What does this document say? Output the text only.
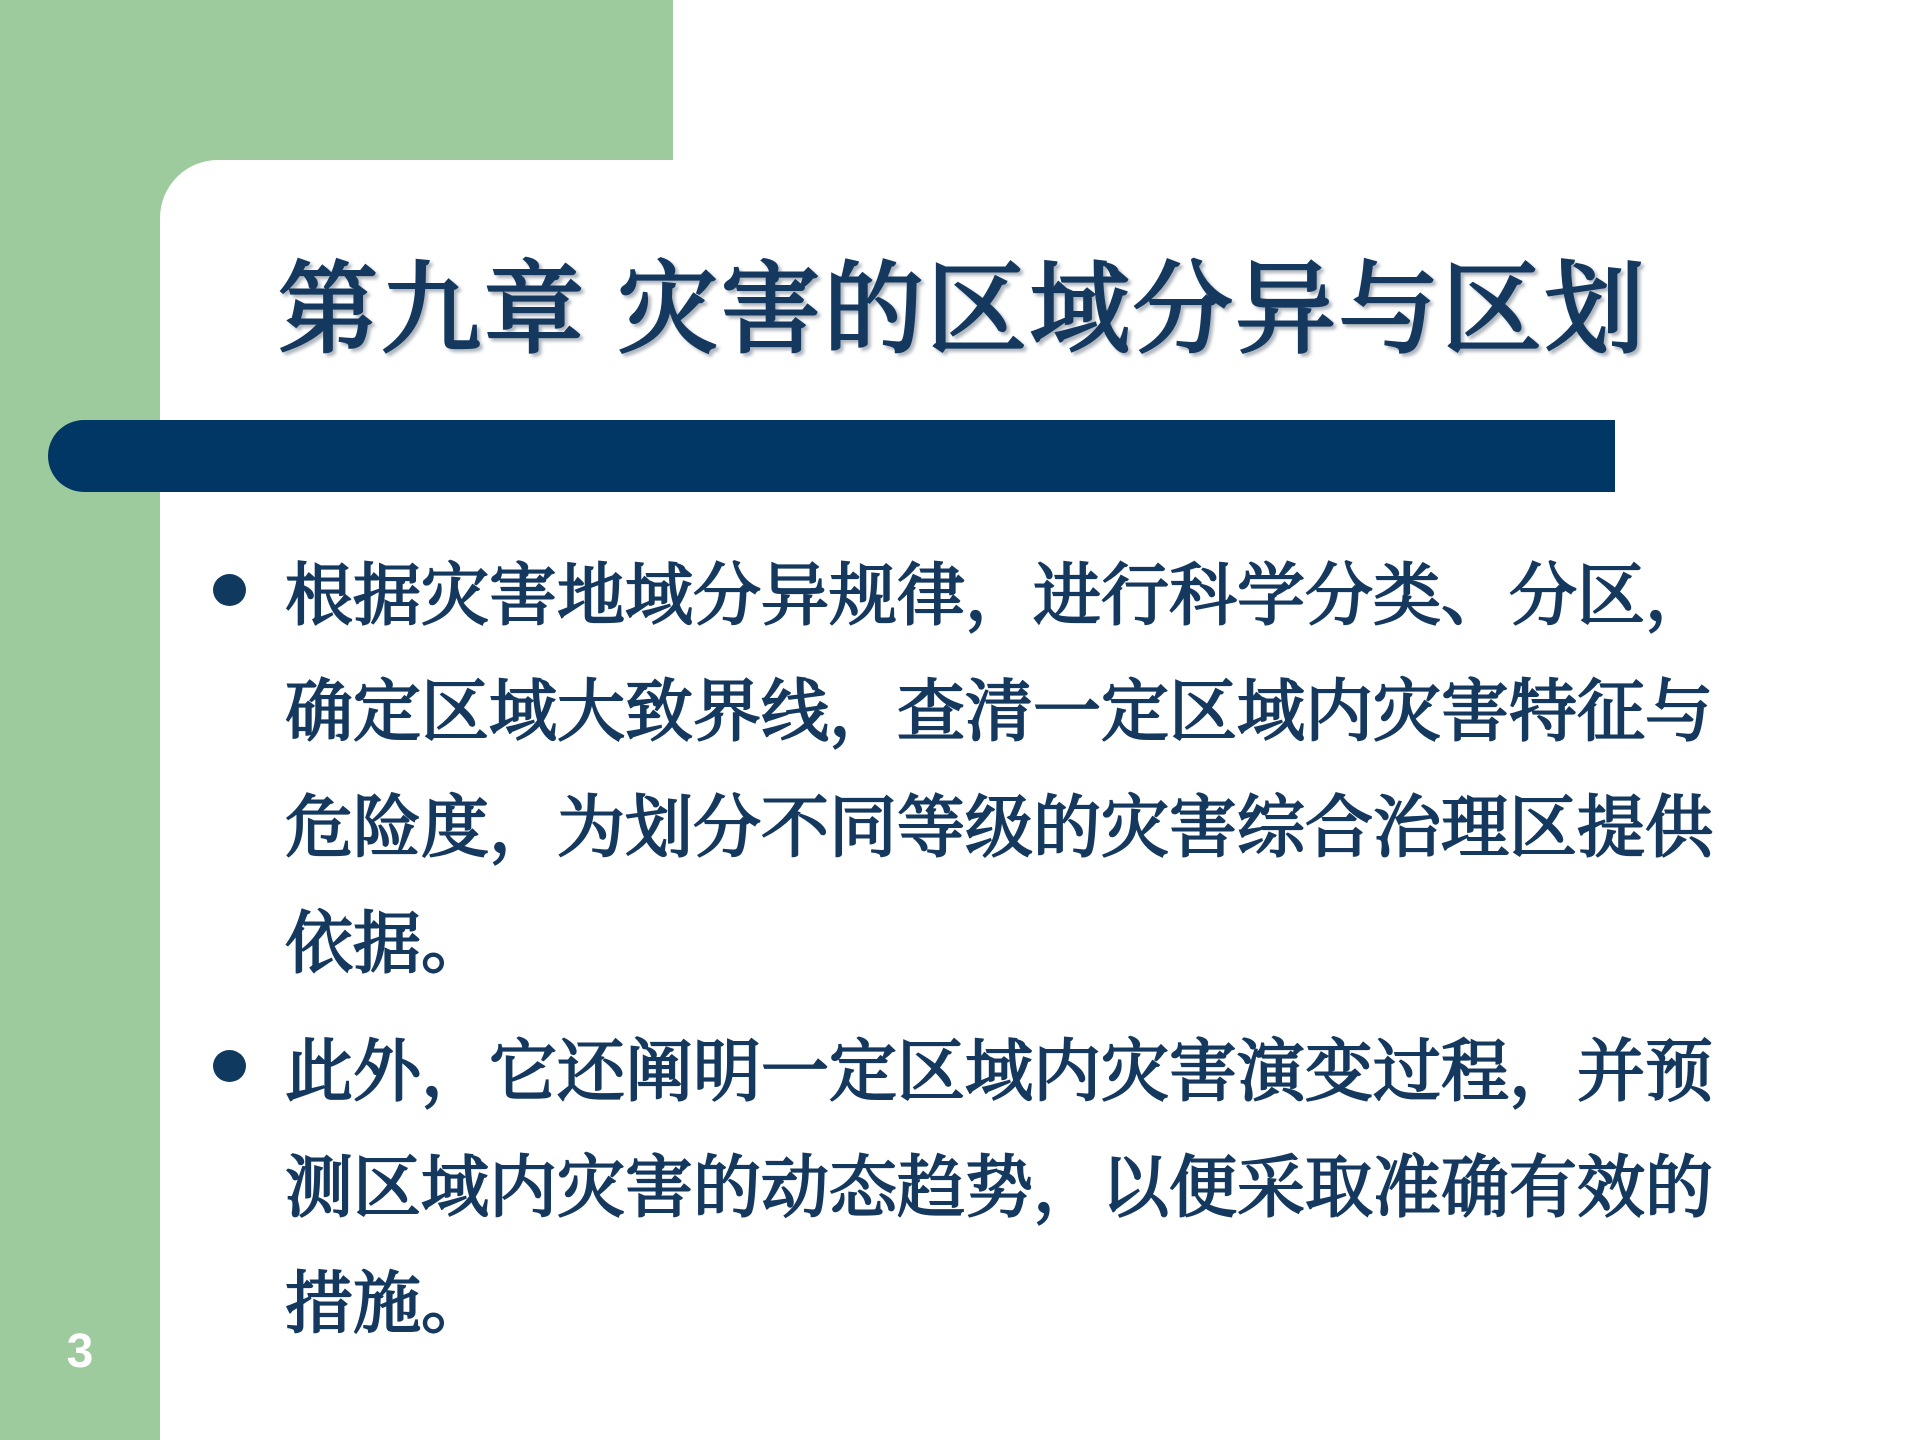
第九章 灾害的区域分异与区划
根据灾害地域分异规律，进行科学分类、分区，
确定区域大致界线，查清一定区域内灾害特征与
危险度，为划分不同等级的灾害综合治理区提供
依据。
此外，它还阐明一定区域内灾害演变过程，并预
测区域内灾害的动态趋势，以便采取准确有效的
措施。
3
